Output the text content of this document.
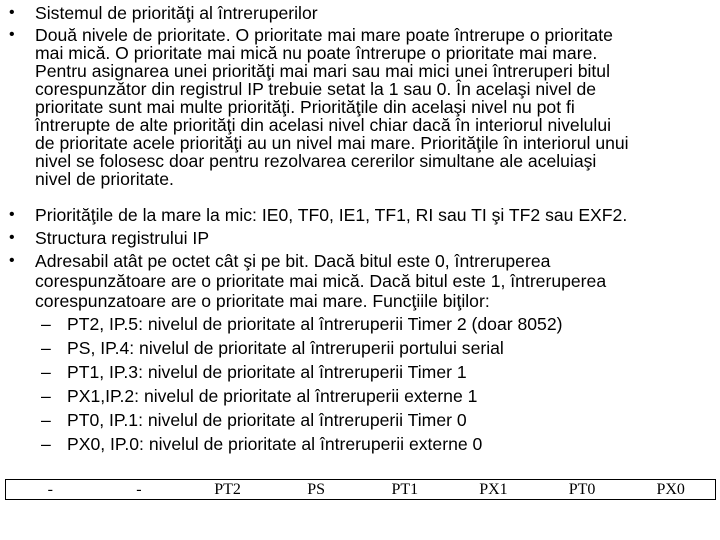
• Sistemul de priorităţi al întreruperilor
• Două nivele de prioritate. O prioritate mai mare poate întrerupe o prioritate
mai mică. O prioritate mai mică nu poate întrerupe o prioritate mai mare.
Pentru asignarea unei priorităţi mai mari sau mai mici unei întreruperi bitul
corespunzător din registrul IP trebuie setat la 1 sau 0. În acelaşi nivel de
prioritate sunt mai multe priorităţi. Priorităţile din acelaşi nivel nu pot fi
întrerupte de alte priorităţi din acelasi nivel chiar dacă în interiorul nivelului
de prioritate acele priorităţi au un nivel mai mare. Priorităţile în interiorul unui
nivel se folosesc doar pentru rezolvarea cererilor simultane ale aceluiaşi
nivel de prioritate.
• Priorităţile de la mare la mic: IE0, TF0, IE1, TF1, RI sau TI şi TF2 sau EXF2.
• Structura registrului IP
• Adresabil atât pe octet cât şi pe bit. Dacă bitul este 0, întreruperea
corespunzătoare are o prioritate mai mică. Dacă bitul este 1, întreruperea
corespunzatoare are o prioritate mai mare. Funcţiile biţilor:
– PT2, IP.5: nivelul de prioritate al întreruperii Timer 2 (doar 8052)
– PS, IP.4: nivelul de prioritate al întreruperii portului serial
– PT1, IP.3: nivelul de prioritate al întreruperii Timer 1
– PX1,IP.2: nivelul de prioritate al întreruperii externe 1
– PT0, IP.1: nivelul de prioritate al întreruperii Timer 0
– PX0, IP.0: nivelul de prioritate al întreruperii externe 0
-	-	PT2	PS	PT1	PX1	PT0	PX0
